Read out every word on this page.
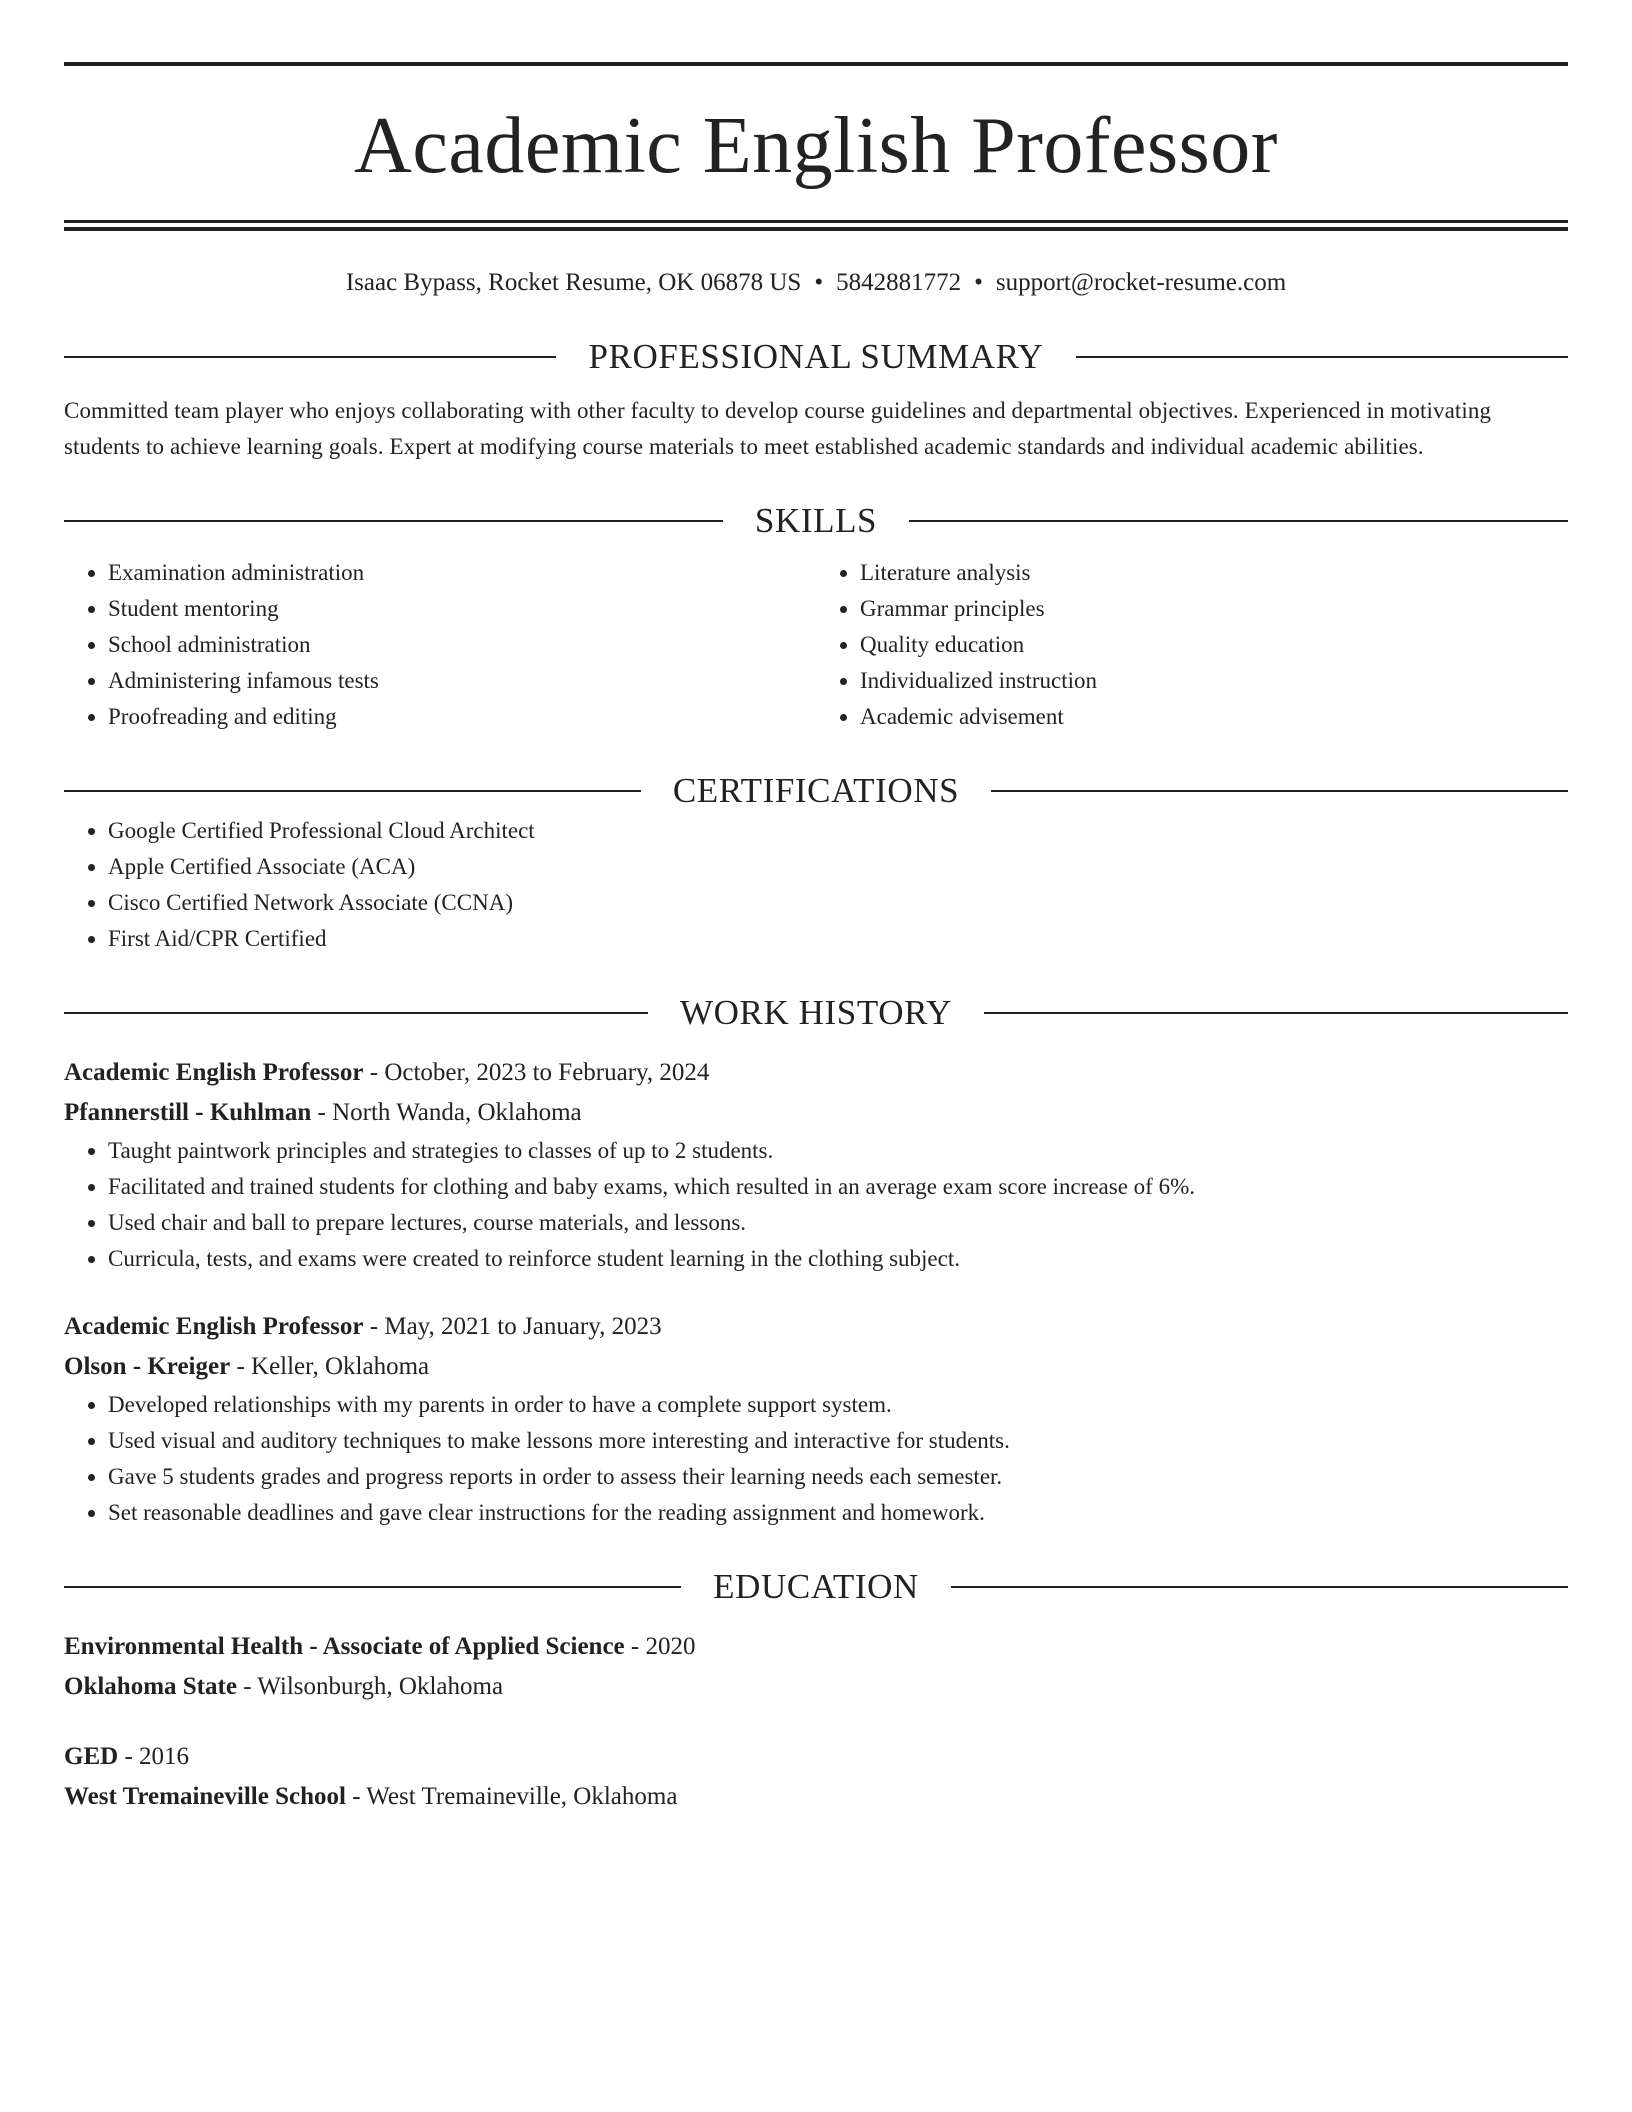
Academic English Professor
Isaac Bypass, Rocket Resume, OK 06878 US • 5842881772 • support@rocket-resume.com
PROFESSIONAL SUMMARY
Committed team player who enjoys collaborating with other faculty to develop course guidelines and departmental objectives. Experienced in motivating students to achieve learning goals. Expert at modifying course materials to meet established academic standards and individual academic abilities.
SKILLS
• Examination administration
• Student mentoring
• School administration
• Administering infamous tests
• Proofreading and editing
• Literature analysis
• Grammar principles
• Quality education
• Individualized instruction
• Academic advisement
CERTIFICATIONS
• Google Certified Professional Cloud Architect
• Apple Certified Associate (ACA)
• Cisco Certified Network Associate (CCNA)
• First Aid/CPR Certified
WORK HISTORY
Academic English Professor - October, 2023 to February, 2024
Pfannerstill - Kuhlman - North Wanda, Oklahoma
• Taught paintwork principles and strategies to classes of up to 2 students.
• Facilitated and trained students for clothing and baby exams, which resulted in an average exam score increase of 6%.
• Used chair and ball to prepare lectures, course materials, and lessons.
• Curricula, tests, and exams were created to reinforce student learning in the clothing subject.
Academic English Professor - May, 2021 to January, 2023
Olson - Kreiger - Keller, Oklahoma
• Developed relationships with my parents in order to have a complete support system.
• Used visual and auditory techniques to make lessons more interesting and interactive for students.
• Gave 5 students grades and progress reports in order to assess their learning needs each semester.
• Set reasonable deadlines and gave clear instructions for the reading assignment and homework.
EDUCATION
Environmental Health - Associate of Applied Science - 2020
Oklahoma State - Wilsonburgh, Oklahoma
GED - 2016
West Tremaineville School - West Tremaineville, Oklahoma
